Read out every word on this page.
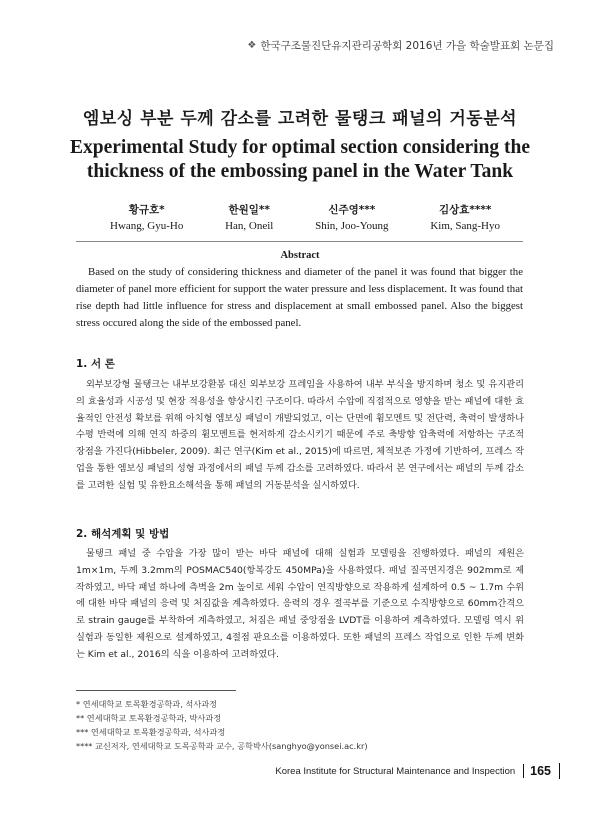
❖ 한국구조물진단유지관리공학회 2016년 가을 학술발표회 논문집
엠보싱 부분 두께 감소를 고려한 물탱크 패널의 거동분석
Experimental Study for optimal section considering the
thickness of the embossing panel in the Water Tank
황규호*
Hwang, Gyu-Ho
한원일**
Han, Oneil
신주영***
Shin, Joo-Young
김상효****
Kim, Sang-Hyo
Abstract

Based on the study of considering thickness and diameter of the panel it was found that bigger the diameter of panel more efficient for support the water pressure and less displacement. It was found that rise depth had little influence for stress and displacement at small embossed panel. Also the biggest stress occured along the side of the embossed panel.

1. 서 론

외부보강형 물탱크는 내부보강환봉 대신 외부보강 프레임을 사용하여 내부 부식을 방지하며 청소 및 유지관리의 효율성과 시공성 및 현장 적용성을 향상시킨 구조이다. 따라서 수압에 직접적으로 영향을 받는 패널에 대한 효율적인 안전성 확보를 위해 아치형 엠보싱 패널이 개발되었고, 이는 단면에 휨모멘트 및 전단력, 축력이 발생하나 수평 반력에 의해 연직 하중의 휨모멘트를 현저하게 감소시키기 때문에 주로 축방향 압축력에 저항하는 구조적 장점을 가진다(Hibbeler, 2009). 최근 연구(Kim et al., 2015)에 따르면, 체적보존 가정에 기반하여, 프레스 작업을 통한 엠보싱 패널의 성형 과정에서의 패널 두께 감소를 고려하였다. 따라서 본 연구에서는 패널의 두께 감소를 고려한 실험 및 유한요소해석을 통해 패널의 거동분석을 실시하였다.

2. 해석계획 및 방법

물탱크 패널 중 수압을 가장 많이 받는 바닥 패널에 대해 실험과 모델링을 진행하였다. 패널의 제원은 1m×1m, 두께 3.2mm의 POSMAC540(항복강도 450MPa)을 사용하였다. 패널 질곡면지경은 902mm로 제작하였고, 바닥 패널 하나에 측벽을 2m 높이로 세워 수압이 연직방향으로 작용하게 설계하여 0.5 ~ 1.7m 수위에 대한 바닥 패널의 응력 및 처짐값을 계측하였다. 응력의 경우 절곡부를 기준으로 수직방향으로 60mm간격으로 strain gauge를 부착하여 계측하였고, 처짐은 패널 중앙점을 LVDT를 이용하여 계측하였다. 모델링 역시 위 실험과 동일한 제원으로 설계하였고, 4절점 판요소를 이용하였다. 또한 패널의 프레스 작업으로 인한 두께 변화는 Kim et al., 2016의 식을 이용하여 고려하였다.

* 연세대학교 토목환경공학과, 석사과정
** 연세대학교 토목환경공학과, 박사과정
*** 연세대학교 토목환경공학과, 석사과정
**** 교신저자, 연세대학교 도목공학과 교수, 공학박사(sanghyo@yonsei.ac.kr)
Korea Institute for Structural Maintenance and Inspection	165
